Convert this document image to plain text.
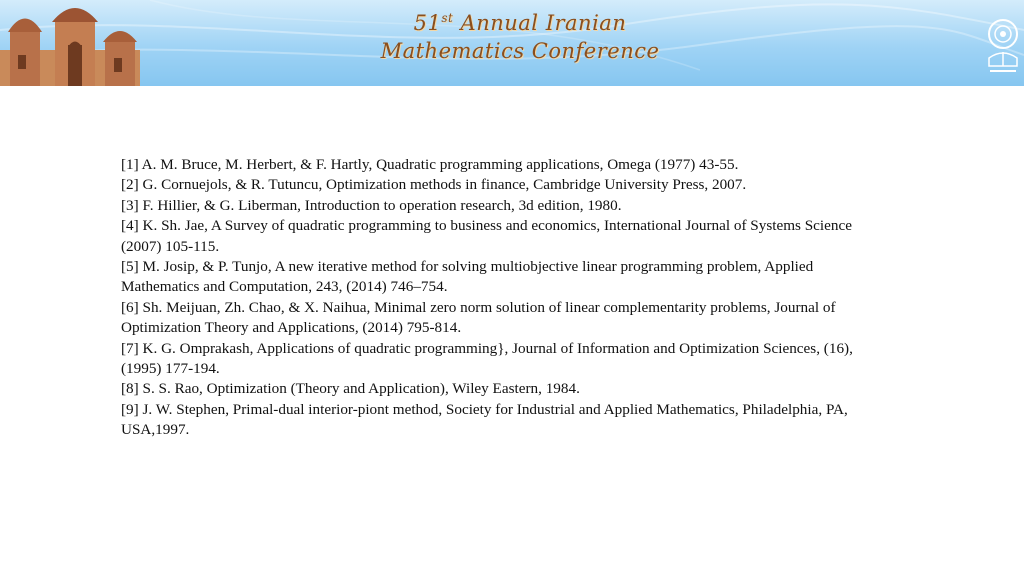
51st Annual Iranian
Mathematics Conference

[1] A. M. Bruce, M. Herbert, & F. Hartly, Quadratic programming applications, Omega (1977) 43-55.

[2] G. Cornuejols, & R. Tutuncu, Optimization methods in finance, Cambridge University Press, 2007.

[3] F. Hillier, & G. Liberman, Introduction to operation research, 3d edition, 1980.

[4] K. Sh. Jae, A Survey of quadratic programming to business and economics, International Journal of Systems Science (2007) 105-115.

[5] M. Josip, & P. Tunjo, A new iterative method for solving multiobjective linear programming problem, Applied Mathematics and Computation, 243, (2014) 746–754.

[6] Sh. Meijuan, Zh. Chao, & X. Naihua, Minimal zero norm solution of linear complementarity problems, Journal of Optimization Theory and Applications, (2014) 795-814.

[7] K. G. Omprakash, Applications of quadratic programming}, Journal of Information and Optimization Sciences, (16), (1995) 177-194.

[8] S. S. Rao, Optimization (Theory and Application), Wiley Eastern, 1984.

[9] J. W. Stephen, Primal-dual interior-piont method, Society for Industrial and Applied Mathematics, Philadelphia, PA, USA,1997.
